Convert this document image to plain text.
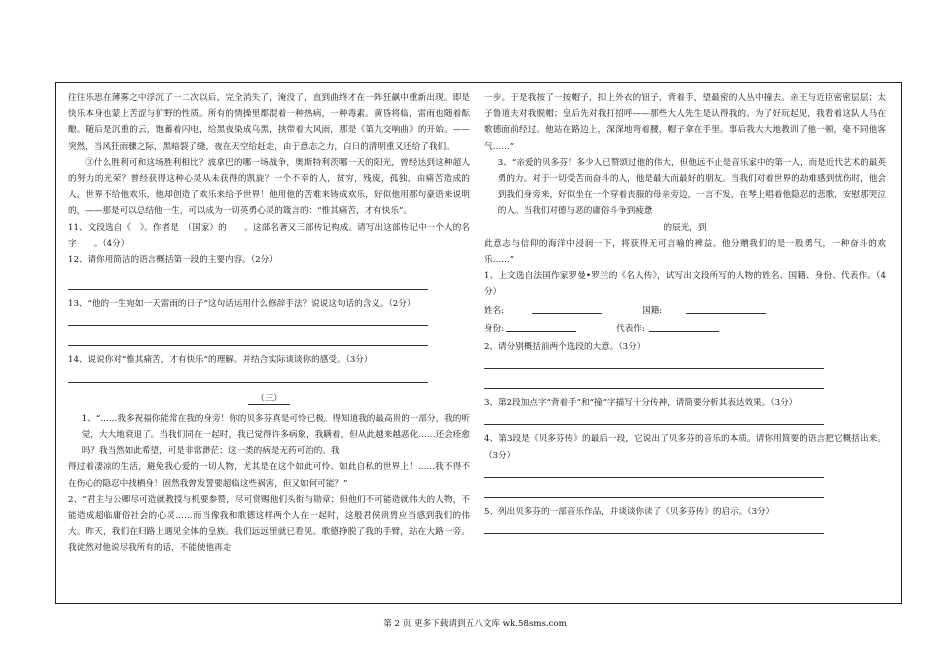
往往乐思在薄雾之中浮沉了一二次以后，完全消失了，淹没了，直到曲终才在一阵狂飙中重新出现。即是快乐本身也蒙上苦涩与犷野的性质。所有的情操里都混着一种热病，一种毒素。黄昏将临，雷雨也随着酝酿。随后是沉重的云，饱蓄着闪电，给黑夜染成乌黑，挟带着大风雨，那是《第九交响曲》的开始。——突然，当风狂雨骤之际，黑暗裂了缝，夜在天空给赶走，由于意志之力，白日的清明重又还给了我们。

③什么胜利可和这场胜利相比？波拿巴的哪一场战争，奥斯特利茨哪一天的阳光，曾经达到这种超人的努力的光荣？曾经获得这种心灵从未获得的凯旋？一个不幸的人，贫穷，残废，孤独，由痛苦造成的人，世界不给他欢乐，他却创造了欢乐来给予世界！他用他的苦难来铸成欢乐，好似他用那句豪语来说明的，——那是可以总结他一生，可以成为一切英勇心灵的箴言的：“惟其痛苦，才有快乐”。

11、文段选自《　》。作者是　（国家）的　　。这部名著又三部传记构成。请写出这部传记中一个人的名字　　。（4分）

12、请你用简洁的语言概括第一段的主要内容。（2分）

13、“他的一生宛如一天雷雨的日子”这句话运用什么修辞手法？说说这句话的含义。（2分）

14、说说你对“惟其痛苦，才有快乐”的理解。并结合实际谈谈你的感受。（3分）

（三）

1、“……我多祝福你能常在我的身旁！你的贝多芬真是可怜已极。得知道我的最高贵的一部分，我的听觉，大大地衰退了。当我们同在一起时，我已觉得许多病象，我瞒着，但从此越来越恶化……还会痊愈吗？我当然如此希望，可是非常渺茫；这一类的病是无药可治的。我

得过着凄凉的生活，避免我心爱的一切人物，尤其是在这个如此可怜、如此自私的世界上！……我不得不在伤心的隐忍中找栖身！固然我曾发誓要超临这些祸害，但又如何可能？”

2、“君主与公卿尽可造就教授与机要参赞，尽可赏赐他们头衔与勋章；但他们不可能造就伟大的人物，不能造成超临庸俗社会的心灵……而当像我和歌德这样两个人在一起时，这般君侯贵胄应当感到我们的伟大。昨天，我们在归路上遇见全体的皇族。我们远远里就已看见。歌德挣脱了我的手臂，站在大路一旁。我徒然对他说尽我所有的话，不能使他再走

一步。于是我按了一按帽子，扣上外衣的钮子，背着手，望最密的人丛中撞去。亲王与近臣密密层层；太子鲁道夫对我脱帽；皇后先对我打招呼——那些大人先生是认得我的。为了好玩起见，我看着这队人马在歌德面前经过。他站在路边上，深深地弯着腰，帽子拿在手里。事后我大大地教训了他一顿，毫不同他客气……”

3、“亲爱的贝多芬！多少人已赞颂过他的伟大，但他远不止是音乐家中的第一人，而是近代艺术的最英勇的力。对于一切受苦而奋斗的人，他是最大而最好的朋友。当我们对着世界的劫难感到忧伤时，他会到我们身旁来，好似坐在一个穿着丧服的母亲旁边，一言不发，在琴上唱着他隐忍的悲歌，安慰那哭泣的人。当我们对德与恶的庸俗斗争到疲惫

的辰光，到

此意志与信仰的海洋中浸润一下，将获得无可言喻的裨益。他分赠我们的是一股勇气，一种奋斗的欢乐……”

1、上文选自法国作家罗曼•罗兰的《名人传》，试写出文段所写的人物的姓名、国籍、身份、代表作。（4分）

姓名:	国籍:
身份:	代表作:

2、请分别概括前两个选段的大意。（3分）

3、第2段加点字“背着手”和“撞”字描写十分传神，请简要分析其表达效果。（3分）

4、第3段是《贝多芬传》的最后一段，它说出了贝多芬的音乐的本质。请你用简要的语言把它概括出来。（3分）

5、列出贝多芬的一部音乐作品，并谈谈你读了《贝多芬传》的启示。（3分）

第 2 页 更多下载请到五八文库 wk.58sms.com
